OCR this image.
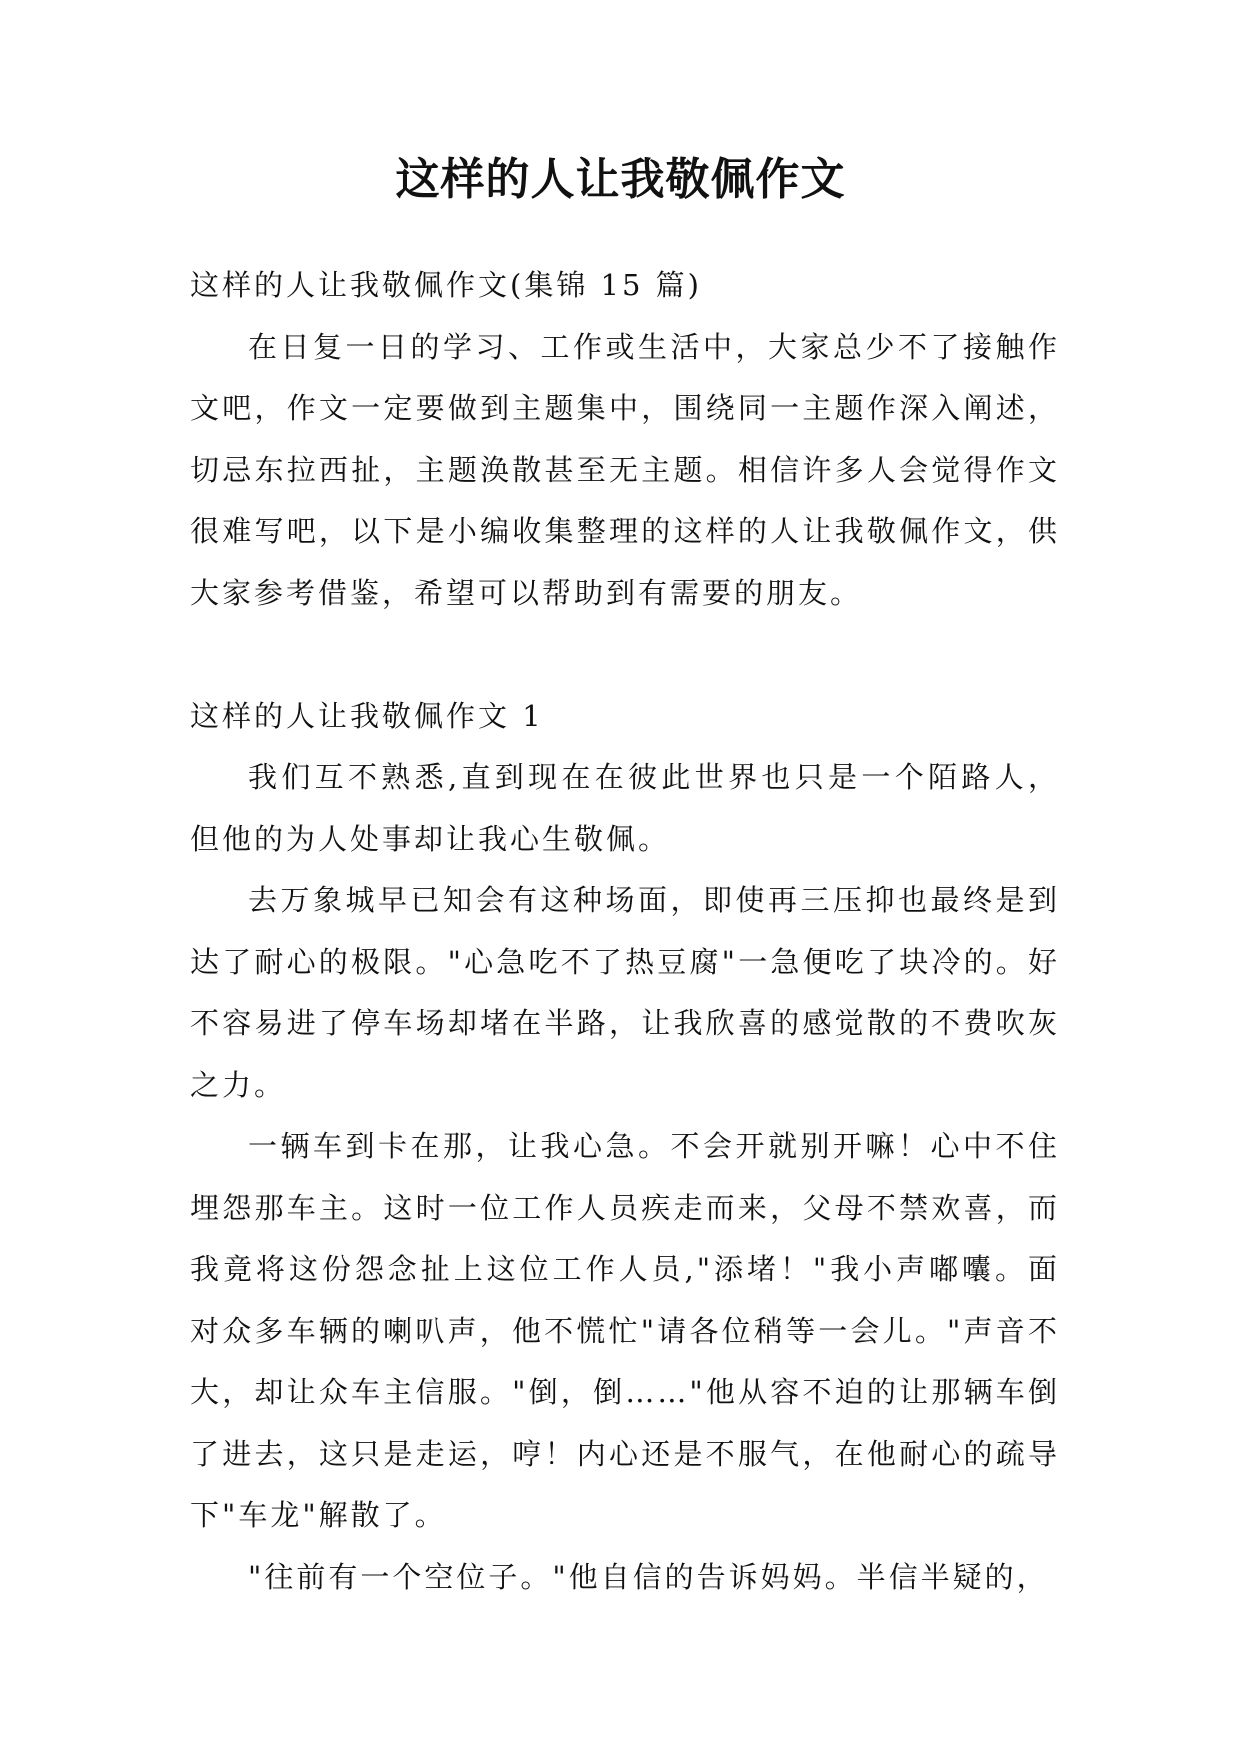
这样的人让我敬佩作文

这样的人让我敬佩作文(集锦 15 篇)

在日复一日的学习、工作或生活中，大家总少不了接触作文吧，作文一定要做到主题集中，围绕同一主题作深入阐述，切忌东拉西扯，主题涣散甚至无主题。相信许多人会觉得作文很难写吧，以下是小编收集整理的这样的人让我敬佩作文，供大家参考借鉴，希望可以帮助到有需要的朋友。

这样的人让我敬佩作文 1

我们互不熟悉,直到现在在彼此世界也只是一个陌路人，但他的为人处事却让我心生敬佩。

去万象城早已知会有这种场面，即使再三压抑也最终是到达了耐心的极限。"心急吃不了热豆腐"一急便吃了块冷的。好不容易进了停车场却堵在半路，让我欣喜的感觉散的不费吹灰之力。

一辆车到卡在那，让我心急。不会开就别开嘛！心中不住埋怨那车主。这时一位工作人员疾走而来，父母不禁欢喜，而我竟将这份怨念扯上这位工作人员,"添堵！"我小声嘟囔。面对众多车辆的喇叭声，他不慌忙"请各位稍等一会儿。"声音不大，却让众车主信服。"倒，倒……"他从容不迫的让那辆车倒了进去，这只是走运，哼！内心还是不服气，在他耐心的疏导下"车龙"解散了。

"往前有一个空位子。"他自信的告诉妈妈。半信半疑的，
